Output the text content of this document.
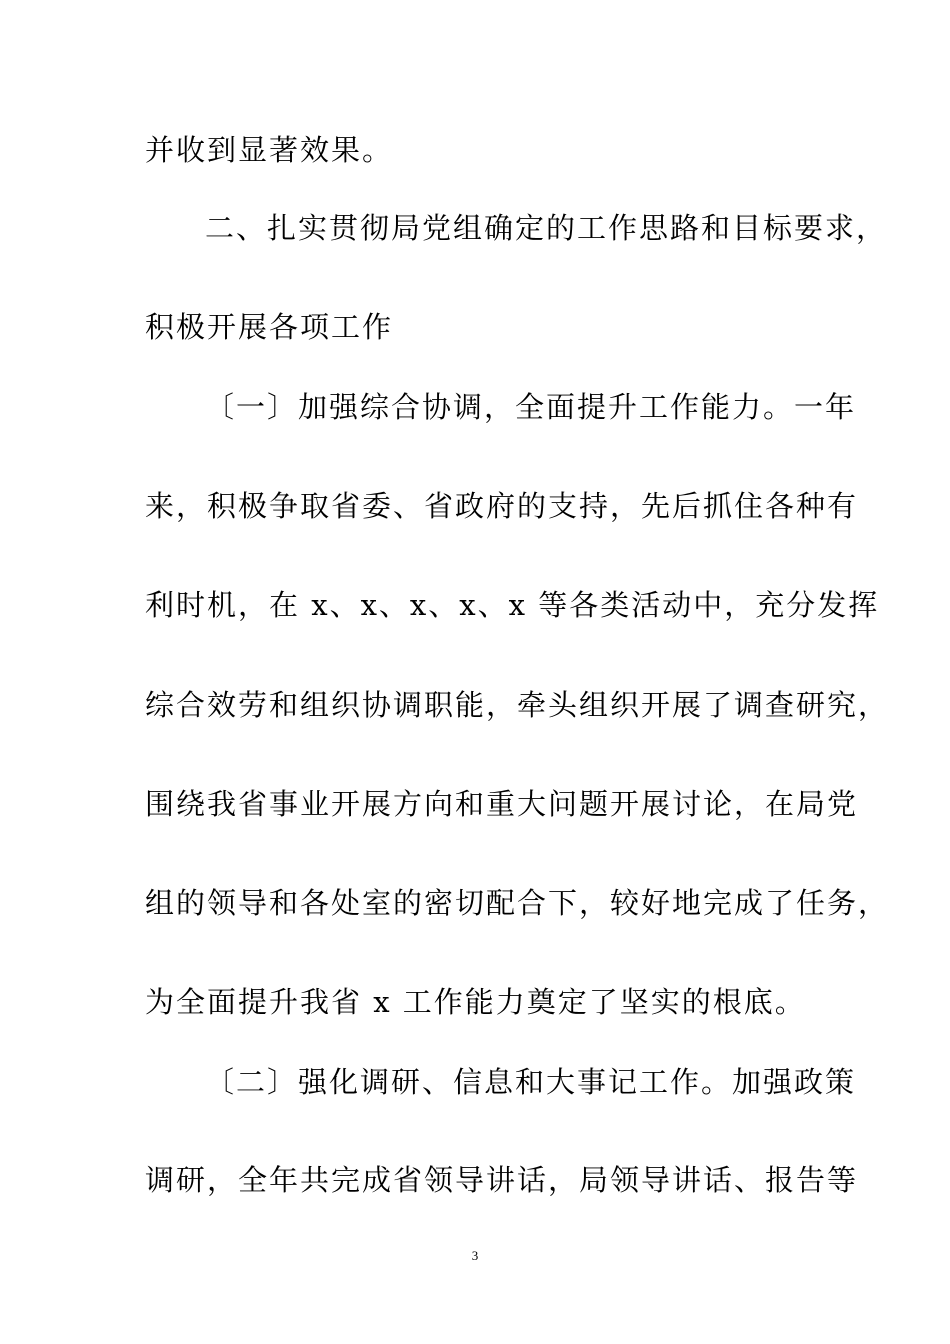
并收到显著效果。
二、扎实贯彻局党组确定的工作思路和目标要求，
积极开展各项工作
〔一〕加强综合协调，全面提升工作能力。一年
来，积极争取省委、省政府的支持，先后抓住各种有
利时机，在 x、x、x、x、x 等各类活动中，充分发挥
综合效劳和组织协调职能，牵头组织开展了调查研究，
围绕我省事业开展方向和重大问题开展讨论，在局党
组的领导和各处室的密切配合下，较好地完成了任务，
为全面提升我省 x 工作能力奠定了坚实的根底。
〔二〕强化调研、信息和大事记工作。加强政策
调研，全年共完成省领导讲话，局领导讲话、报告等
3
